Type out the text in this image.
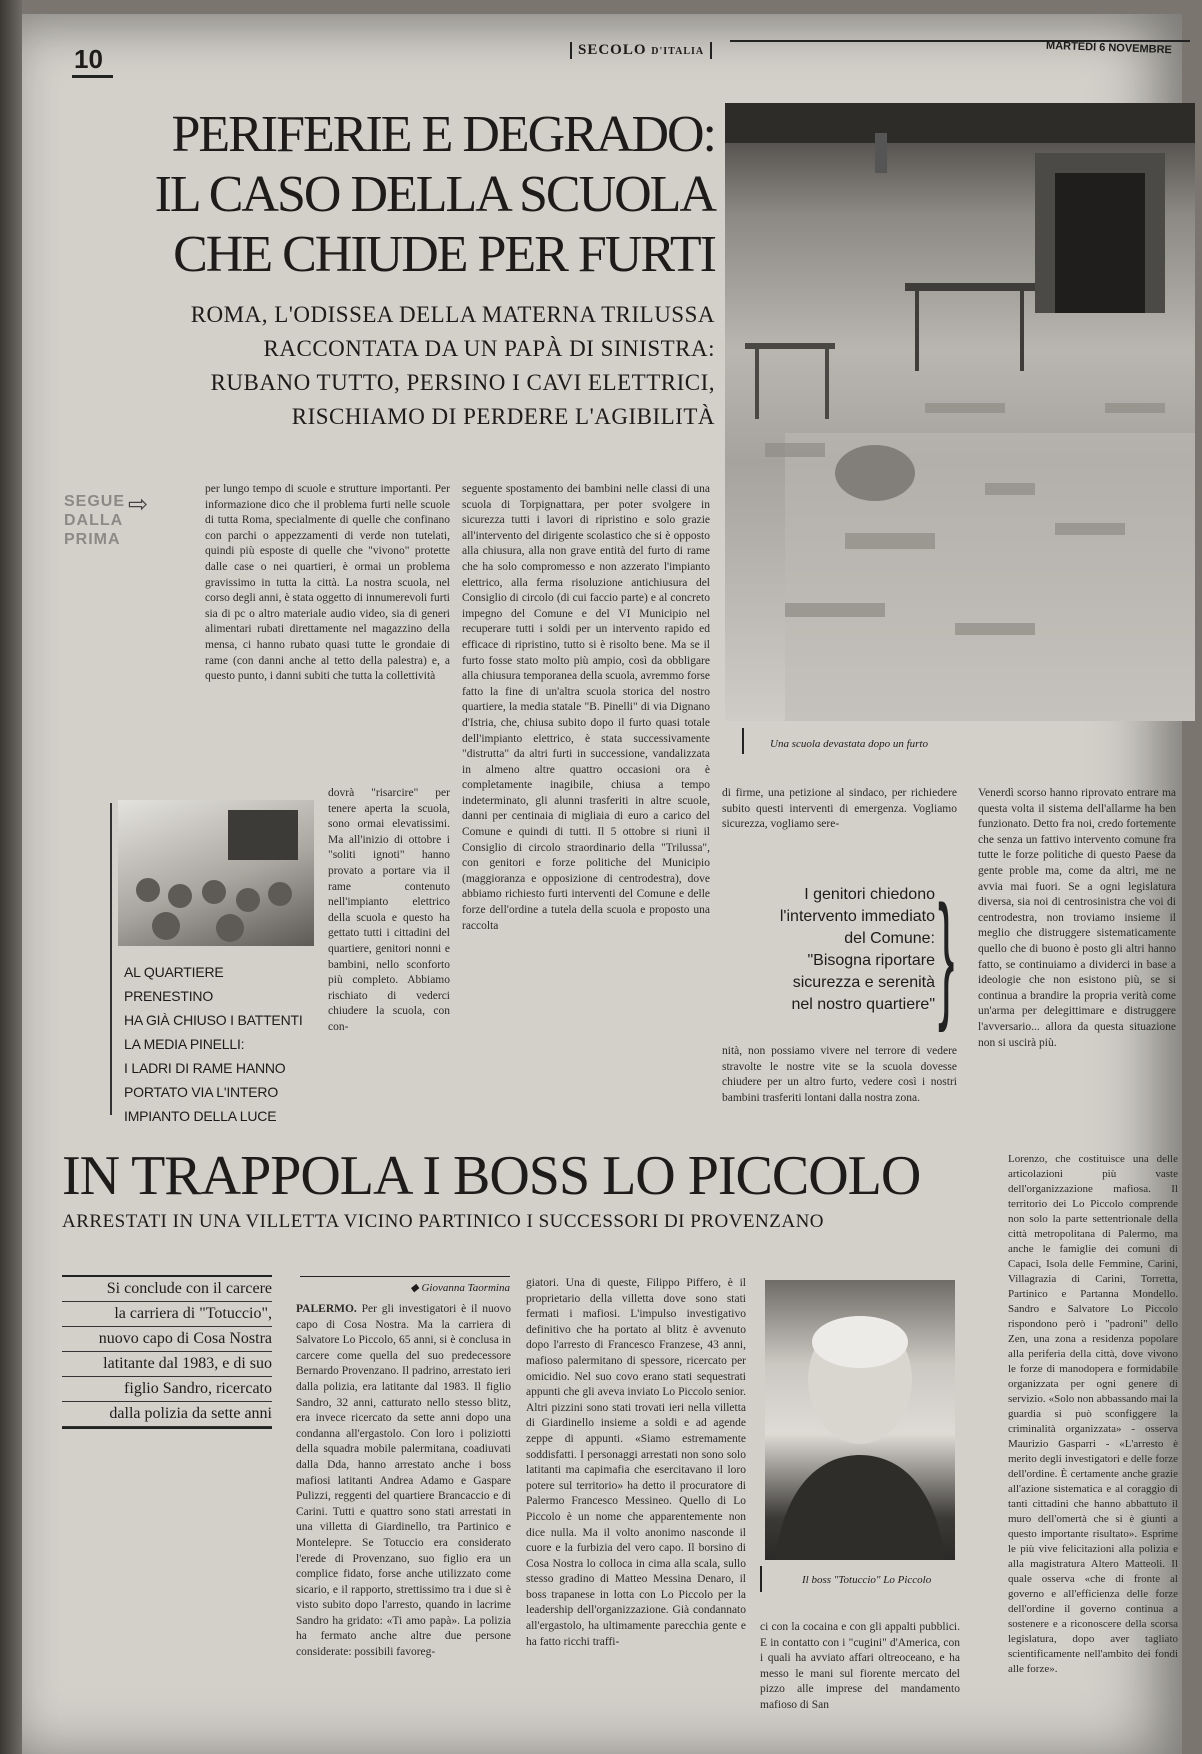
10	SECOLO D'ITALIA	MARTEDÌ 6 NOVEMBRE
PERIFERIE E DEGRADO:
IL CASO DELLA SCUOLA
CHE CHIUDE PER FURTI
ROMA, L'ODISSEA DELLA MATERNA TRILUSSA
RACCONTATA DA UN PAPÀ DI SINISTRA:
RUBANO TUTTO, PERSINO I CAVI ELETTRICI,
RISCHIAMO DI PERDERE L'AGIBILITÀ
Una scuola devastata dopo un furto
SEGUE
DALLA
PRIMA
⇨

per lungo tempo di scuole e strutture importanti. Per informazione dico che il problema furti nelle scuole di tutta Roma, specialmente di quelle che confinano con parchi o appezzamenti di verde non tutelati, quindi più esposte di quelle che "vivono" protette dalle case o nei quartieri, è ormai un problema gravissimo in tutta la città. La nostra scuola, nel corso degli anni, è stata oggetto di innumerevoli furti sia di pc o altro materiale audio video, sia di generi alimentari rubati direttamente nel magazzino della mensa, ci hanno rubato quasi tutte le grondaie di rame (con danni anche al tetto della palestra) e, a questo punto, i danni subiti che tutta la collettività

dovrà "risarcire" per tenere aperta la scuola, sono ormai elevatissimi. Ma all'inizio di ottobre i "soliti ignoti" hanno provato a portare via il rame contenuto nell'impianto elettrico della scuola e questo ha gettato tutti i cittadini del quartiere, genitori nonni e bambini, nello sconforto più completo. Abbiamo rischiato di vederci chiudere la scuola, con con-

seguente spostamento dei bambini nelle classi di una scuola di Torpignattara, per poter svolgere in sicurezza tutti i lavori di ripristino e solo grazie all'intervento del dirigente scolastico che si è opposto alla chiusura, alla non grave entità del furto di rame che ha solo compromesso e non azzerato l'impianto elettrico, alla ferma risoluzione antichiusura del Consiglio di circolo (di cui faccio parte) e al concreto impegno del Comune e del VI Municipio nel recuperare tutti i soldi per un intervento rapido ed efficace di ripristino, tutto si è risolto bene. Ma se il furto fosse stato molto più ampio, così da obbligare alla chiusura temporanea della scuola, avremmo forse fatto la fine di un'altra scuola storica del nostro quartiere, la media statale "B. Pinelli" di via Dignano d'Istria, che, chiusa subito dopo il furto quasi totale dell'impianto elettrico, è stata successivamente "distrutta" da altri furti in successione, vandalizzata in almeno altre quattro occasioni ora è completamente inagibile, chiusa a tempo indeterminato, gli alunni trasferiti in altre scuole, danni per centinaia di migliaia di euro a carico del Comune e quindi di tutti. Il 5 ottobre si riunì il Consiglio di circolo straordinario della "Trilussa", con genitori e forze politiche del Municipio (maggioranza e opposizione di centrodestra), dove abbiamo richiesto furti interventi del Comune e delle forze dell'ordine a tutela della scuola e proposto una raccolta

di firme, una petizione al sindaco, per richiedere subito questi interventi di emergenza. Vogliamo sicurezza, vogliamo sere-

nità, non possiamo vivere nel terrore di vedere stravolte le nostre vite se la scuola dovesse chiudere per un altro furto, vedere così i nostri bambini trasferiti lontani dalla nostra zona.

Venerdì scorso hanno riprovato entrare ma questa volta il sistema dell'allarme ha ben funzionato. Detto fra noi, credo fortemente che senza un fattivo intervento comune fra tutte le forze politiche di questo Paese da gente proble ma, come da altri, me ne avvia mai fuori. Se a ogni legislatura diversa, sia noi di centrosinistra che voi di centrodestra, non troviamo insieme il meglio che distruggere sistematicamente quello che di buono è posto gli altri hanno fatto, se continuiamo a dividerci in base a ideologie che non esistono più, se si continua a brandire la propria verità come un'arma per delegittimare e distruggere l'avversario... allora da questa situazione non si uscirà più.

AL QUARTIERE PRENESTINO
HA GIÀ CHIUSO I BATTENTI
LA MEDIA PINELLI:
I LADRI DI RAME HANNO
PORTATO VIA L'INTERO
IMPIANTO DELLA LUCE
I genitori chiedono
l'intervento immediato
del Comune:
"Bisogna riportare
sicurezza e serenità
nel nostro quartiere" }
IN TRAPPOLA I BOSS LO PICCOLO
ARRESTATI IN UNA VILLETTA VICINO PARTINICO I SUCCESSORI DI PROVENZANO
Si conclude con il carcere
la carriera di "Totuccio",
nuovo capo di Cosa Nostra
latitante dal 1983, e di suo
figlio Sandro, ricercato
dalla polizia da sette anni
◆ Giovanna Taormina

PALERMO. Per gli investigatori è il nuovo capo di Cosa Nostra. Ma la carriera di Salvatore Lo Piccolo, 65 anni, si è conclusa in carcere come quella del suo predecessore Bernardo Provenzano. Il padrino, arrestato ieri dalla polizia, era latitante dal 1983. Il figlio Sandro, 32 anni, catturato nello stesso blitz, era invece ricercato da sette anni dopo una condanna all'ergastolo. Con loro i poliziotti della squadra mobile palermitana, coadiuvati dalla Dda, hanno arrestato anche i boss mafiosi latitanti Andrea Adamo e Gaspare Pulizzi, reggenti del quartiere Brancaccio e di Carini. Tutti e quattro sono stati arrestati in una villetta di Giardinello, tra Partinico e Montelepre. Se Totuccio era considerato l'erede di Provenzano, suo figlio era un complice fidato, forse anche utilizzato come sicario, e il rapporto, strettissimo tra i due si è visto subito dopo l'arresto, quando in lacrime Sandro ha gridato: «Ti amo papà». La polizia ha fermato anche altre due persone considerate: possibili favoreg-

giatori. Una di queste, Filippo Piffero, è il proprietario della villetta dove sono stati fermati i mafiosi. L'impulso investigativo definitivo che ha portato al blitz è avvenuto dopo l'arresto di Francesco Franzese, 43 anni, mafioso palermitano di spessore, ricercato per omicidio. Nel suo covo erano stati sequestrati appunti che gli aveva inviato Lo Piccolo senior. Altri pizzini sono stati trovati ieri nella villetta di Giardinello insieme a soldi e ad agende zeppe di appunti. «Siamo estremamente soddisfatti. I personaggi arrestati non sono solo latitanti ma capimafia che esercitavano il loro potere sul territorio» ha detto il procuratore di Palermo Francesco Messineo. Quello di Lo Piccolo è un nome che apparentemente non dice nulla. Ma il volto anonimo nasconde il cuore e la furbizia del vero capo. Il borsino di Cosa Nostra lo colloca in cima alla scala, sullo stesso gradino di Matteo Messina Denaro, il boss trapanese in lotta con Lo Piccolo per la leadership dell'organizzazione. Già condannato all'ergastolo, ha ultimamente parecchia gente e ha fatto ricchi traffi-

ci con la cocaina e con gli appalti pubblici. E in contatto con i "cugini" d'America, con i quali ha avviato affari oltreoceano, e ha messo le mani sul fiorente mercato del pizzo alle imprese del mandamento mafioso di San

Lorenzo, che costituisce una delle articolazioni più vaste dell'organizzazione mafiosa. Il territorio dei Lo Piccolo comprende non solo la parte settentrionale della città metropolitana di Palermo, ma anche le famiglie dei comuni di Capaci, Isola delle Femmine, Carini, Villagrazia di Carini, Torretta, Partinico e Partanna Mondello. Sandro e Salvatore Lo Piccolo rispondono però i "padroni" dello Zen, una zona a residenza popolare alla periferia della città, dove vivono le forze di manodopera e formidabile organizzata per ogni genere di servizio. «Solo non abbassando mai la guardia si può sconfiggere la criminalità organizzata» - osserva Maurizio Gasparri - «L'arresto è merito degli investigatori e delle forze dell'ordine. È certamente anche grazie all'azione sistematica e al coraggio di tanti cittadini che hanno abbattuto il muro dell'omertà che si è giunti a questo importante risultato». Esprime le più vive felicitazioni alla polizia e alla magistratura Altero Matteoli. Il quale osserva «che di fronte al governo e all'efficienza delle forze dell'ordine il governo continua a sostenere e a riconoscere della scorsa legislatura, dopo aver tagliato scientificamente nell'ambito dei fondi alle forze».

Il boss "Totuccio" Lo Piccolo
